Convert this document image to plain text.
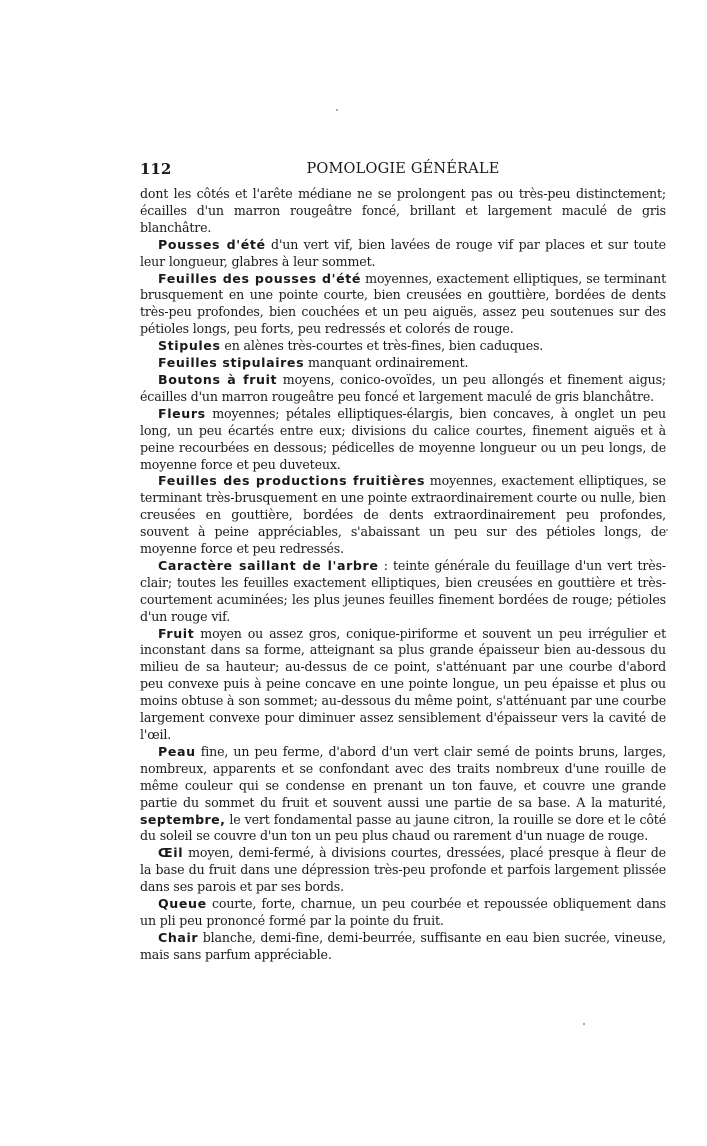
112	POMOLOGIE GÉNÉRALE

dont les côtés et l'arête médiane ne se prolongent pas ou très-peu distinctement; écailles d'un marron rougeâtre foncé, brillant et largement maculé de gris blanchâtre.

Pousses d'été d'un vert vif, bien lavées de rouge vif par places et sur toute leur longueur, glabres à leur sommet.

Feuilles des pousses d'été moyennes, exactement elliptiques, se terminant brusquement en une pointe courte, bien creusées en gouttière, bordées de dents très-peu profondes, bien couchées et un peu aiguës, assez peu soutenues sur des pétioles longs, peu forts, peu redressés et colorés de rouge.

Stipules en alènes très-courtes et très-fines, bien caduques.

Feuilles stipulaires manquant ordinairement.

Boutons à fruit moyens, conico-ovoïdes, un peu allongés et finement aigus; écailles d'un marron rougeâtre peu foncé et largement maculé de gris blanchâtre.

Fleurs moyennes; pétales elliptiques-élargis, bien concaves, à onglet un peu long, un peu écartés entre eux; divisions du calice courtes, finement aiguës et à peine recourbées en dessous; pédicelles de moyenne longueur ou un peu longs, de moyenne force et peu duveteux.

Feuilles des productions fruitières moyennes, exactement elliptiques, se terminant très-brusquement en une pointe extraordinairement courte ou nulle, bien creusées en gouttière, bordées de dents extraordinairement peu profondes, souvent à peine appréciables, s'abaissant un peu sur des pétioles longs, de moyenne force et peu redressés.

Caractère saillant de l'arbre : teinte générale du feuillage d'un vert très-clair; toutes les feuilles exactement elliptiques, bien creusées en gouttière et très-courtement acuminées; les plus jeunes feuilles finement bordées de rouge; pétioles d'un rouge vif.

Fruit moyen ou assez gros, conique-piriforme et souvent un peu irrégulier et inconstant dans sa forme, atteignant sa plus grande épaisseur bien au-dessous du milieu de sa hauteur; au-dessus de ce point, s'atténuant par une courbe d'abord peu convexe puis à peine concave en une pointe longue, un peu épaisse et plus ou moins obtuse à son sommet; au-dessous du même point, s'atténuant par une courbe largement convexe pour diminuer assez sensiblement d'épaisseur vers la cavité de l'œil.

Peau fine, un peu ferme, d'abord d'un vert clair semé de points bruns, larges, nombreux, apparents et se confondant avec des traits nombreux d'une rouille de même couleur qui se condense en prenant un ton fauve, et couvre une grande partie du sommet du fruit et souvent aussi une partie de sa base. A la maturité, septembre, le vert fondamental passe au jaune citron, la rouille se dore et le côté du soleil se couvre d'un ton un peu plus chaud ou rarement d'un nuage de rouge.

Œil moyen, demi-fermé, à divisions courtes, dressées, placé presque à fleur de la base du fruit dans une dépression très-peu profonde et parfois largement plissée dans ses parois et par ses bords.

Queue courte, forte, charnue, un peu courbée et repoussée obliquement dans un pli peu prononcé formé par la pointe du fruit.

Chair blanche, demi-fine, demi-beurrée, suffisante en eau bien sucrée, vineuse, mais sans parfum appréciable.
